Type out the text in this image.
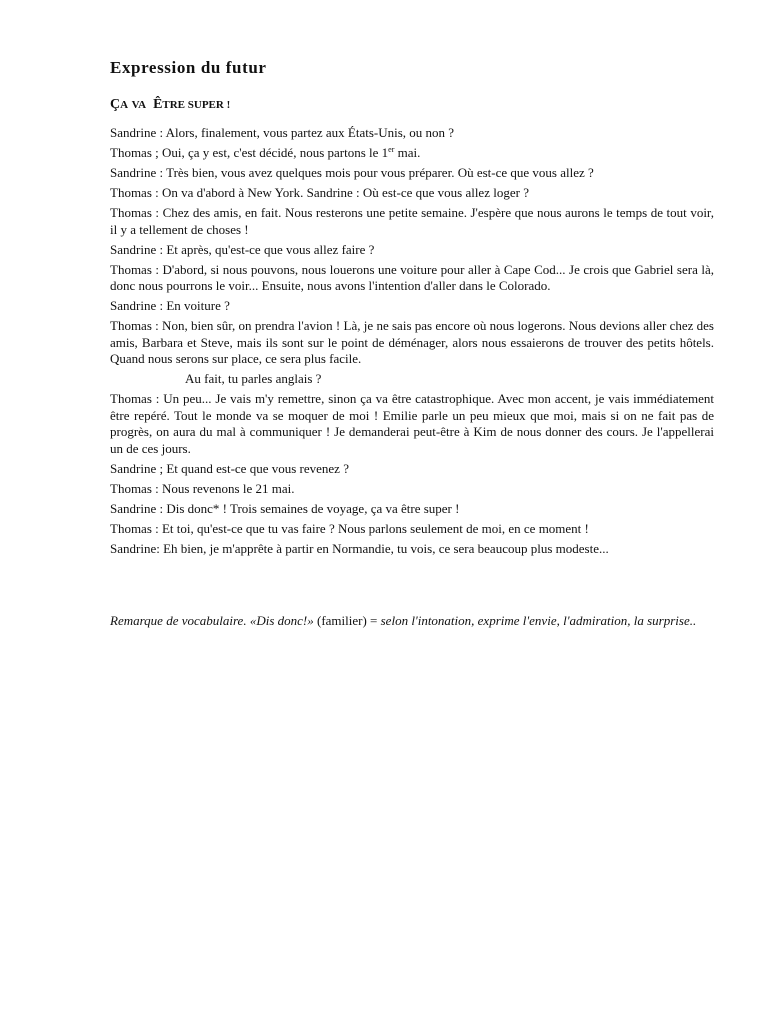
Expression du futur
ÇA VA ÊTRE SUPER !

Sandrine : Alors, finalement, vous partez aux États-Unis, ou non ?

Thomas ; Oui, ça y est, c'est décidé, nous partons le 1er mai.

Sandrine : Très bien, vous avez quelques mois pour vous préparer. Où est-ce que vous allez ?

Thomas : On va d'abord à New York. Sandrine : Où est-ce que vous allez loger ?

Thomas : Chez des amis, en fait. Nous resterons une petite semaine. J'espère que nous aurons le temps de tout voir, il y a tellement de choses !

Sandrine : Et après, qu'est-ce que vous allez faire ?

Thomas : D'abord, si nous pouvons, nous louerons une voiture pour aller à Cape Cod... Je crois que Gabriel sera là, donc nous pourrons le voir... Ensuite, nous avons l'intention d'aller dans le Colorado.

Sandrine : En voiture ?

Thomas : Non, bien sûr, on prendra l'avion ! Là, je ne sais pas encore où nous logerons. Nous devions aller chez des amis, Barbara et Steve, mais ils sont sur le point de déménager, alors nous essaierons de trouver des petits hôtels. Quand nous serons sur place, ce sera plus facile.

Au fait, tu parles anglais ?

Thomas : Un peu... Je vais m'y remettre, sinon ça va être catastrophique. Avec mon accent, je vais immédiatement être repéré. Tout le monde va se moquer de moi ! Emilie parle un peu mieux que moi, mais si on ne fait pas de progrès, on aura du mal à communiquer ! Je demanderai peut-être à Kim de nous donner des cours. Je l'appellerai un de ces jours.

Sandrine ; Et quand est-ce que vous revenez ?

Thomas : Nous revenons le 21 mai.

Sandrine : Dis donc* ! Trois semaines de voyage, ça va être super !

Thomas : Et toi, qu'est-ce que tu vas faire ? Nous parlons seulement de moi, en ce moment !

Sandrine: Eh bien, je m'apprête à partir en Normandie, tu vois, ce sera beaucoup plus modeste...

Remarque de vocabulaire. «Dis donc!» (familier) = selon l'intonation, exprime l'envie, l'admiration, la surprise..
